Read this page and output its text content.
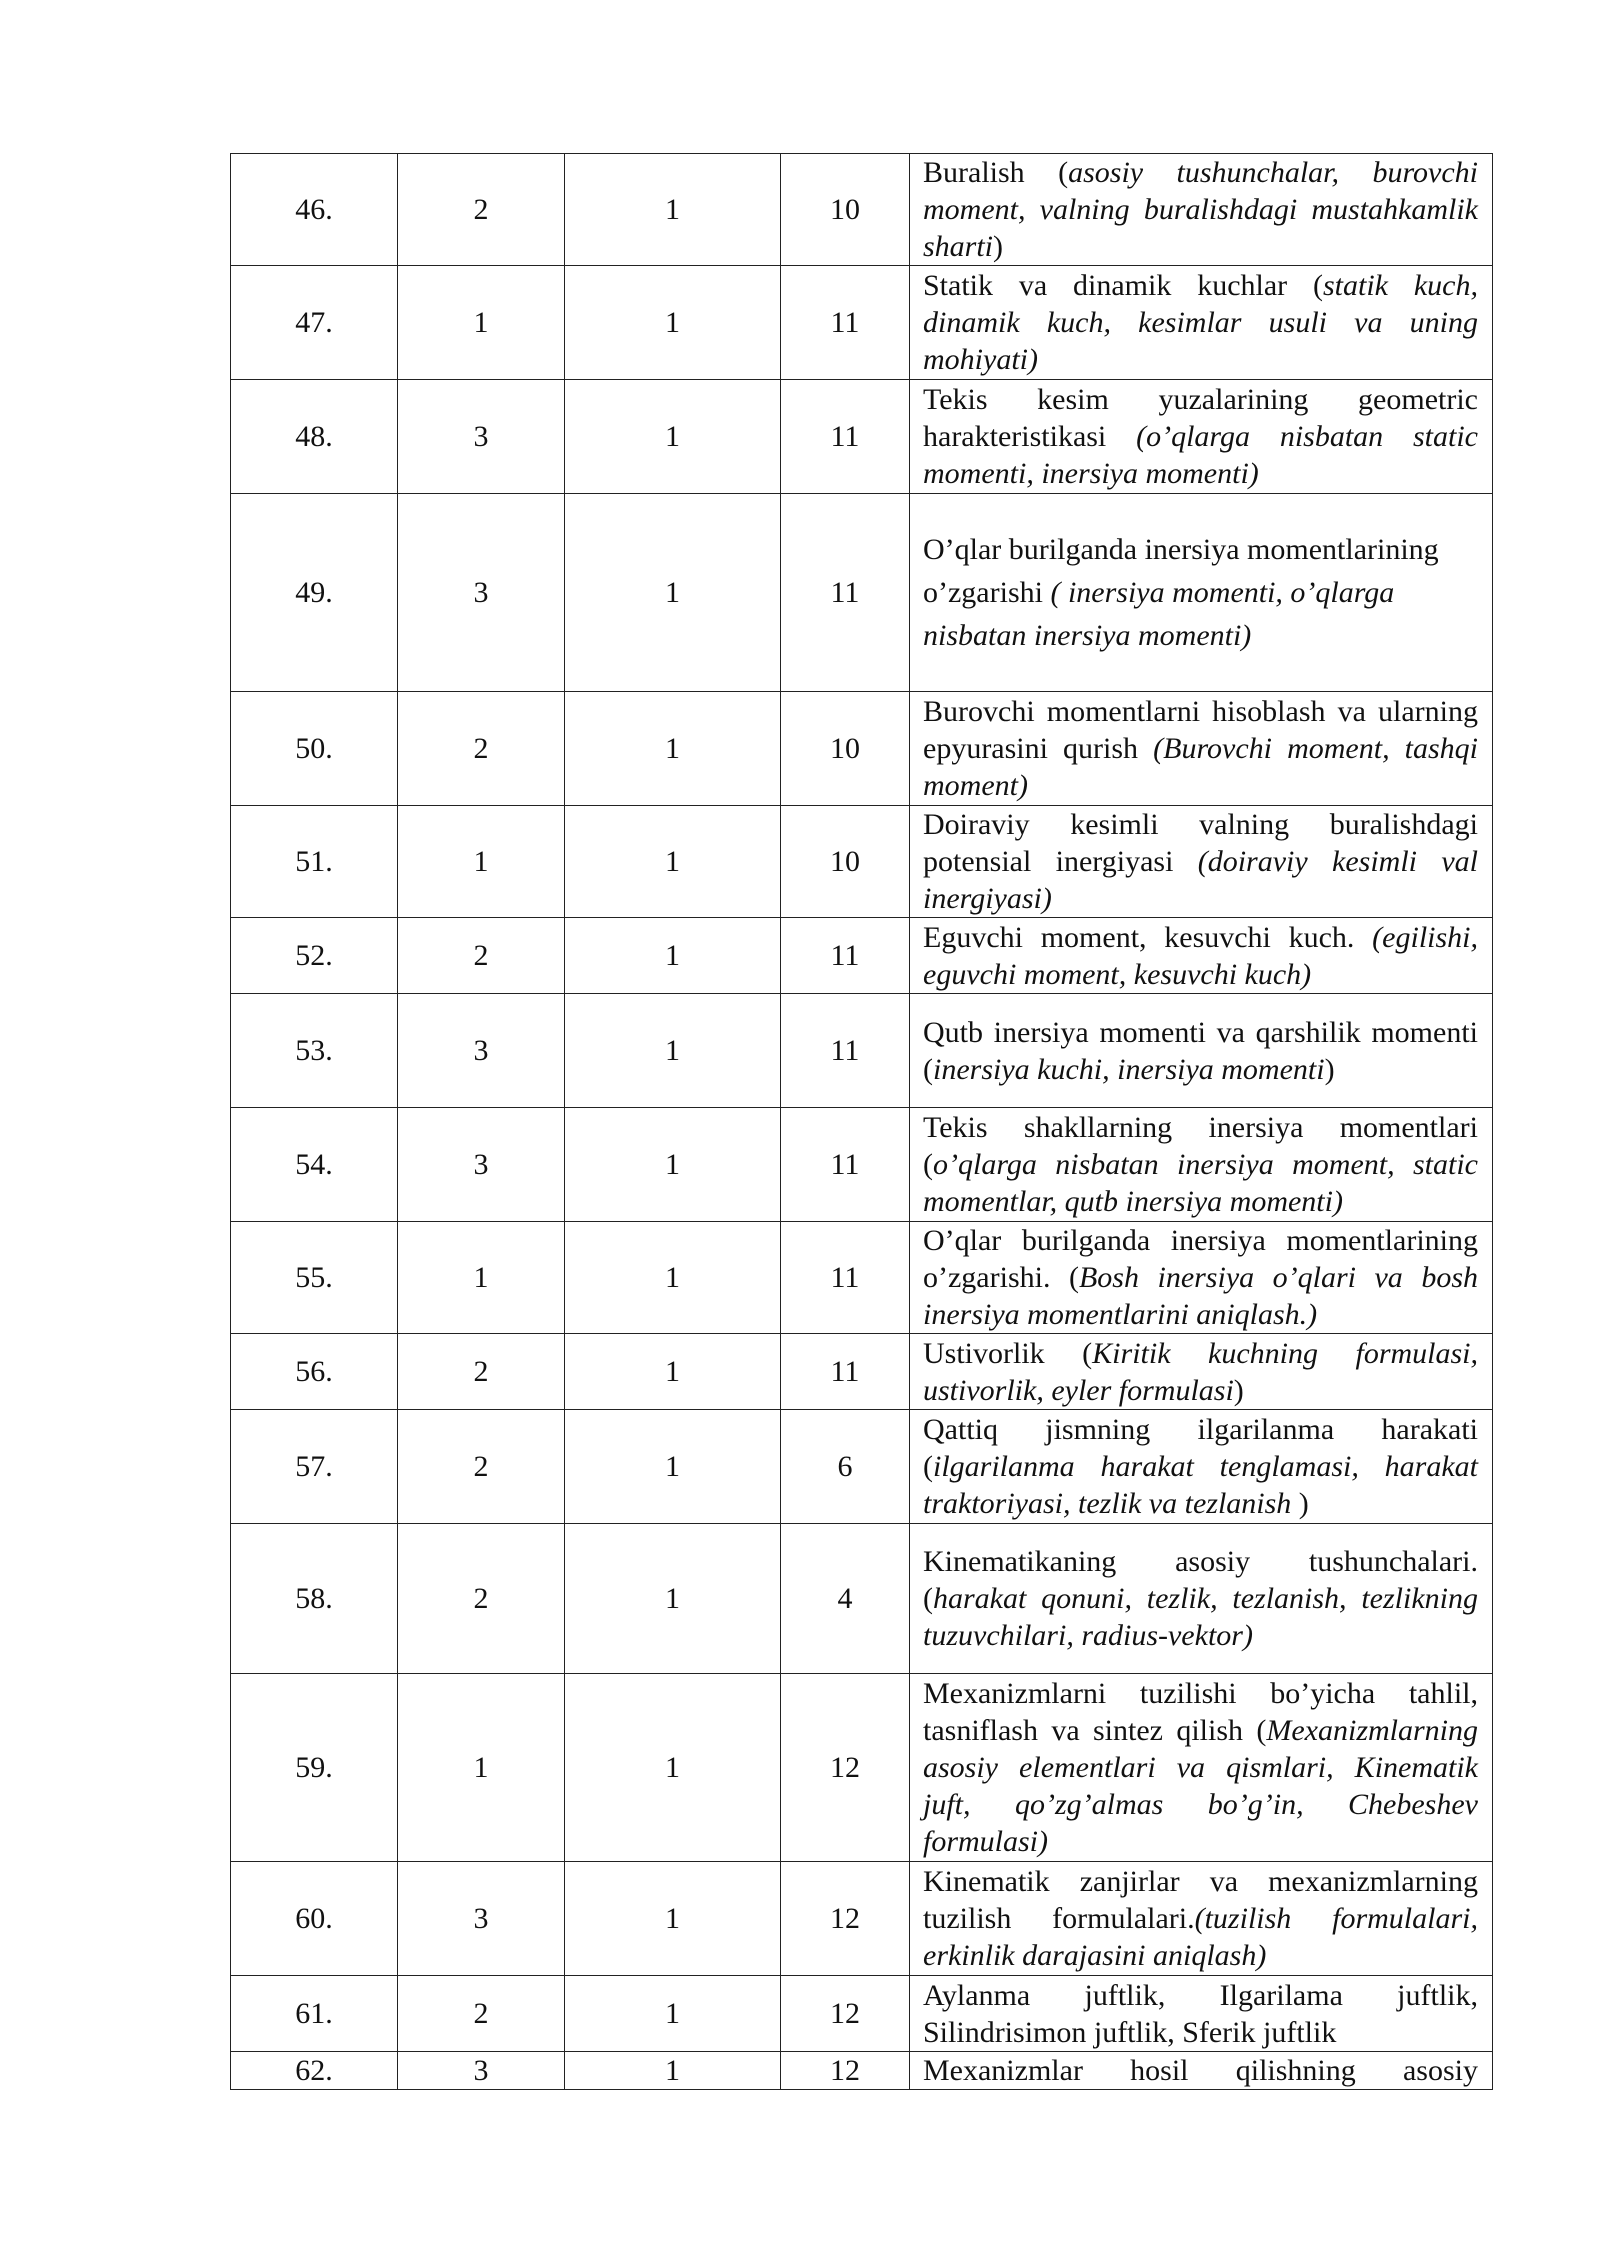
46.	2	1	10	Buralish (asosiy tushunchalar, burovchi moment, valning buralishdagi mustahkamlik sharti)
47.	1	1	11	Statik va dinamik kuchlar (statik kuch, dinamik kuch, kesimlar usuli va uning mohiyati)
48.	3	1	11	Tekis kesim yuzalarining geometric harakteristikasi (o’qlarga nisbatan static momenti, inersiya momenti)
49.	3	1	11	O’qlar burilganda inersiya momentlarining o’zgarishi ( inersiya momenti, o’qlarga nisbatan inersiya momenti)
50.	2	1	10	Burovchi momentlarni hisoblash va ularning epyurasini qurish (Burovchi moment, tashqi moment)
51.	1	1	10	Doiraviy kesimli valning buralishdagi potensial inergiyasi (doiraviy kesimli val inergiyasi)
52.	2	1	11	Eguvchi moment, kesuvchi kuch. (egilishi, eguvchi moment, kesuvchi kuch)
53.	3	1	11	Qutb inersiya momenti va qarshilik momenti (inersiya kuchi, inersiya momenti)
54.	3	1	11	Tekis shakllarning inersiya momentlari (o’qlarga nisbatan inersiya moment, static momentlar, qutb inersiya momenti)
55.	1	1	11	O’qlar burilganda inersiya momentlarining o’zgarishi. (Bosh inersiya o’qlari va bosh inersiya momentlarini aniqlash.)
56.	2	1	11	Ustivorlik (Kiritik kuchning formulasi, ustivorlik, eyler formulasi)
57.	2	1	6	Qattiq jismning ilgarilanma harakati (ilgarilanma harakat tenglamasi, harakat traktoriyasi, tezlik va tezlanish )
58.	2	1	4	Kinematikaning asosiy tushunchalari.(harakat qonuni, tezlik, tezlanish, tezlikning tuzuvchilari, radius-vektor)
59.	1	1	12	Mexanizmlarni tuzilishi bo’yicha tahlil, tasniflash va sintez qilish (Mexanizmlarning asosiy elementlari va qismlari, Kinematik juft, qo’zg’almas bo’g’in, Chebeshev formulasi)
60.	3	1	12	Kinematik zanjirlar va mexanizmlarning tuzilish formulalari.(tuzilish formulalari, erkinlik darajasini aniqlash)
61.	2	1	12	Aylanma juftlik, Ilgarilama juftlik, Silindrisimon juftlik, Sferik juftlik
62.	3	1	12	Mexanizmlar hosil qilishning asosiy
